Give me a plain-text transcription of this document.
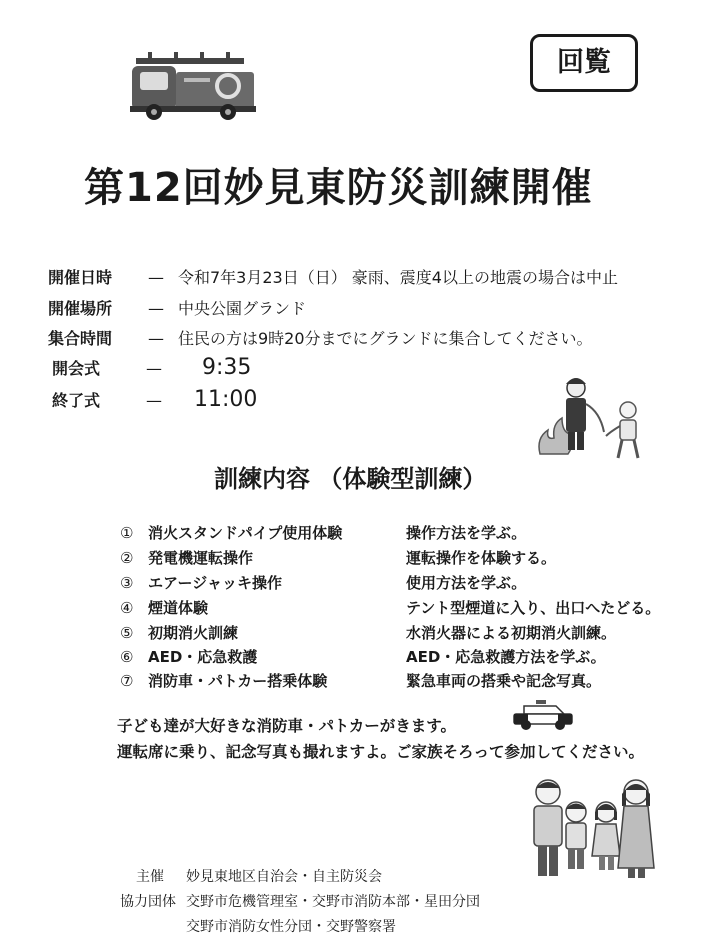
回覧
第12回妙見東防災訓練開催
開催日時 — 令和7年3月23日（日） 豪雨、震度4以上の地震の場合は中止
開催場所 — 中央公園グランド
集合時間 — 住民の方は9時20分までにグランドに集合してください。
開会式	— 9:35
終了式	— 11:00
訓練内容 （体験型訓練）
① 消火スタンドパイプ使用体験	操作方法を学ぶ。
② 発電機運転操作	運転操作を体験する。
③ エアージャッキ操作	使用方法を学ぶ。
④ 煙道体験	テント型煙道に入り、出口へたどる。
⑤ 初期消火訓練	水消火器による初期消火訓練。
⑥ AED・応急救護	AED・応急救護方法を学ぶ。
⑦ 消防車・パトカー搭乗体験	緊急車両の搭乗や記念写真。
子ども達が大好きな消防車・パトカーがきます。
運転席に乗り、記念写真も撮れますよ。ご家族そろって参加してください。
主催 妙見東地区自治会・自主防災会
協力団体 交野市危機管理室・交野市消防本部・星田分団
交野市消防女性分団・交野警察署
